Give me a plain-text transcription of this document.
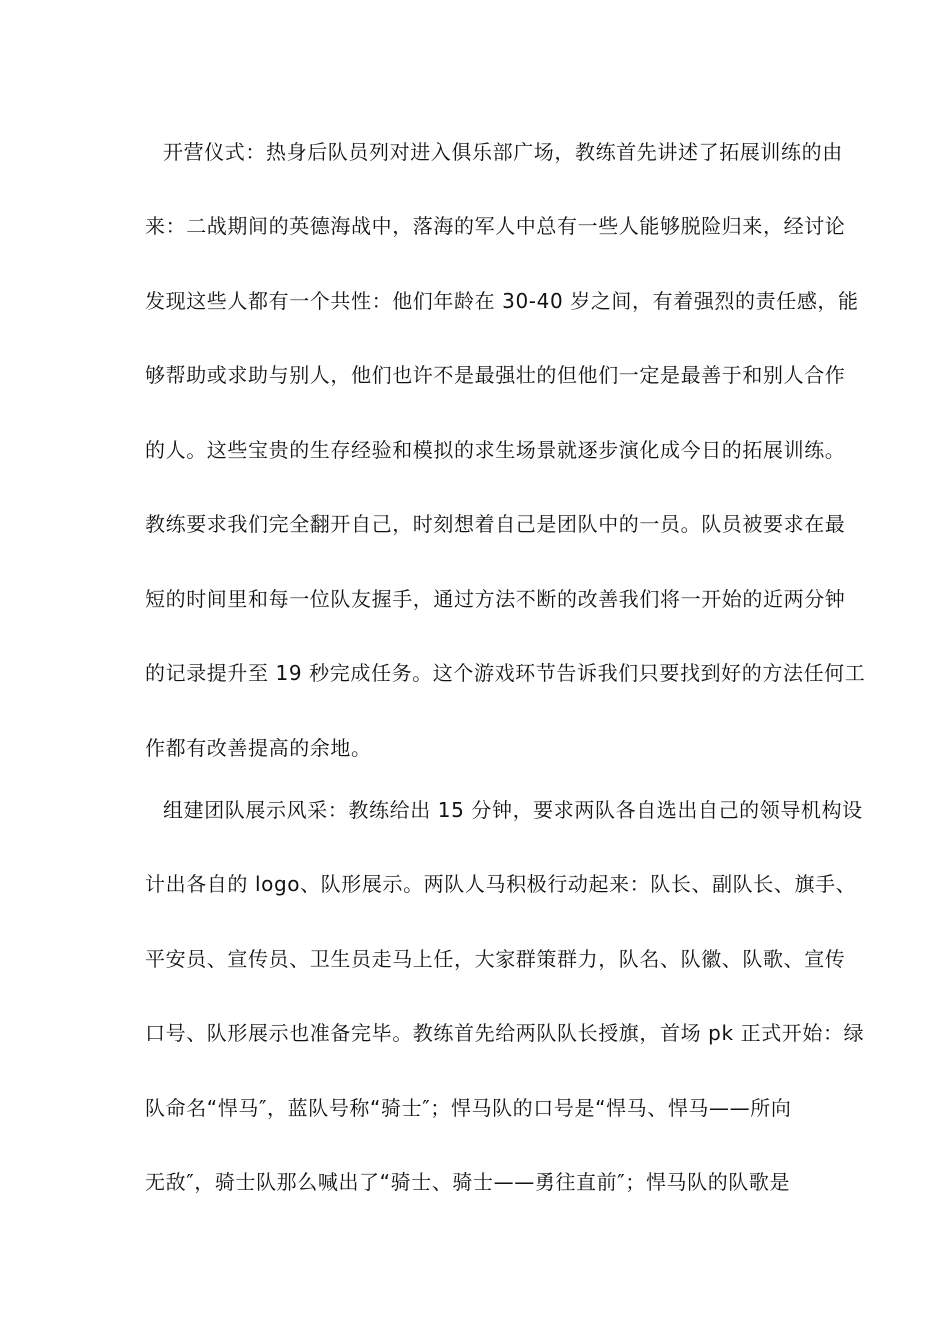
开营仪式：热身后队员列对进入俱乐部广场，教练首先讲述了拓展训练的由
来：二战期间的英德海战中，落海的军人中总有一些人能够脱险归来，经讨论
发现这些人都有一个共性：他们年龄在 30-40 岁之间，有着强烈的责任感，能
够帮助或求助与别人，他们也许不是最强壮的但他们一定是最善于和别人合作
的人。这些宝贵的生存经验和模拟的求生场景就逐步演化成今日的拓展训练。
教练要求我们完全翻开自己，时刻想着自己是团队中的一员。队员被要求在最
短的时间里和每一位队友握手，通过方法不断的改善我们将一开始的近两分钟
的记录提升至 19 秒完成任务。这个游戏环节告诉我们只要找到好的方法任何工
作都有改善提高的余地。
组建团队展示风采：教练给出 15 分钟，要求两队各自选出自己的领导机构设
计出各自的 logo、队形展示。两队人马积极行动起来：队长、副队长、旗手、
平安员、宣传员、卫生员走马上任，大家群策群力，队名、队徽、队歌、宣传
口号、队形展示也准备完毕。教练首先给两队队长授旗，首场 pk 正式开始：绿
队命名“悍马″，蓝队号称“骑士″；悍马队的口号是“悍马、悍马——所向
无敌″，骑士队那么喊出了“骑士、骑士——勇往直前″；悍马队的队歌是
